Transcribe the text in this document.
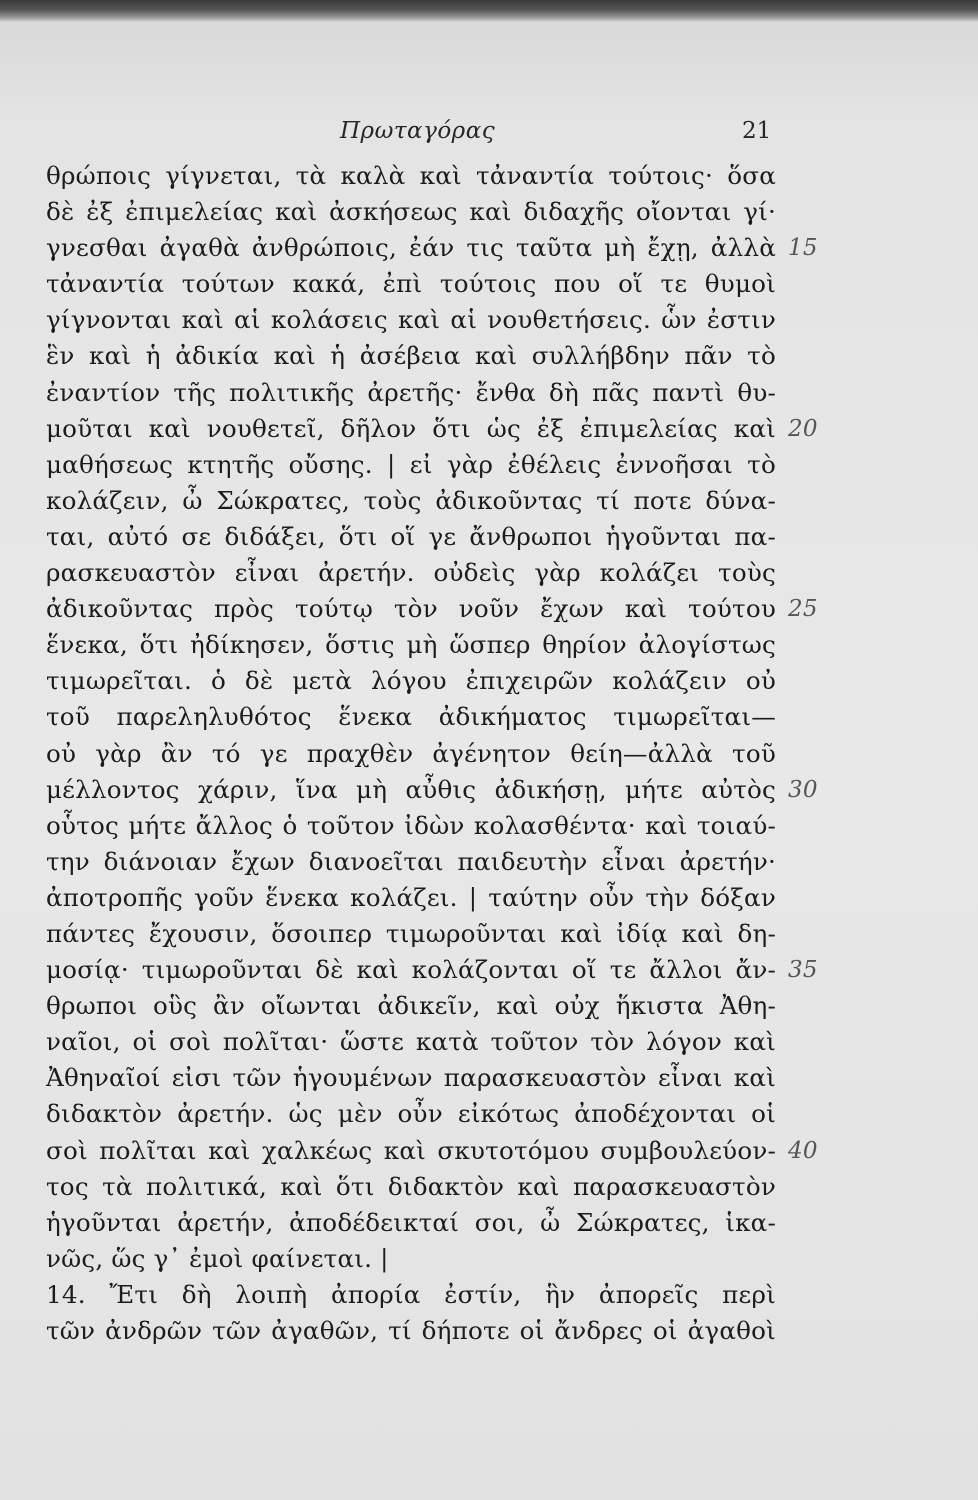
Πρωταγόρας	21
θρώποις γίγνεται, τὰ καλὰ καὶ τἀναντία τούτοις· ὅσα
δὲ ἐξ ἐπιμελείας καὶ ἀσκήσεως καὶ διδαχῆς οἴονται γί·
γνεσθαι ἀγαθὰ ἀνθρώποις, ἐάν τις ταῦτα μὴ ἔχῃ, ἀλλὰ 15
τἀναντία τούτων κακά, ἐπὶ τούτοις που οἵ τε θυμοὶ
γίγνονται καὶ αἱ κολάσεις καὶ αἱ νουθετήσεις. ὧν ἐστιν
ἓν καὶ ἡ ἀδικία καὶ ἡ ἀσέβεια καὶ συλλήβδην πᾶν τὸ
ἐναντίον τῆς πολιτικῆς ἀρετῆς· ἔνθα δὴ πᾶς παντὶ θυ-
μοῦται καὶ νουθετεῖ, δῆλον ὅτι ὡς ἐξ ἐπιμελείας καὶ 20
μαθήσεως κτητῆς οὔσης. | εἰ γὰρ ἐθέλεις ἐννοῆσαι τὸ
κολάζειν, ὦ Σώκρατες, τοὺς ἀδικοῦντας τί ποτε δύνα-
ται, αὐτό σε διδάξει, ὅτι οἵ γε ἄνθρωποι ἡγοῦνται πα-
ρασκευαστὸν εἶναι ἀρετήν. οὐδεὶς γὰρ κολάζει τοὺς
ἀδικοῦντας πρὸς τούτῳ τὸν νοῦν ἔχων καὶ τούτου 25
ἕνεκα, ὅτι ἠδίκησεν, ὅστις μὴ ὥσπερ θηρίον ἀλογίστως
τιμωρεῖται. ὁ δὲ μετὰ λόγου ἐπιχειρῶν κολάζειν οὐ
τοῦ παρεληλυθότος ἕνεκα ἀδικήματος τιμωρεῖται—
οὐ γὰρ ἂν τό γε πραχθὲν ἀγένητον θείη—ἀλλὰ τοῦ
μέλλοντος χάριν, ἵνα μὴ αὖθις ἀδικήσῃ, μήτε αὐτὸς 30
οὗτος μήτε ἄλλος ὁ τοῦτον ἰδὼν κολασθέντα· καὶ τοιαύ-
την διάνοιαν ἔχων διανοεῖται παιδευτὴν εἶναι ἀρετήν·
ἀποτροπῆς γοῦν ἕνεκα κολάζει. | ταύτην οὖν τὴν δόξαν
πάντες ἔχουσιν, ὅσοιπερ τιμωροῦνται καὶ ἰδίᾳ καὶ δη-
μοσίᾳ· τιμωροῦνται δὲ καὶ κολάζονται οἵ τε ἄλλοι ἄν- 35
θρωποι οὓς ἂν οἴωνται ἀδικεῖν, καὶ οὐχ ἥκιστα Ἀθη-
ναῖοι, οἱ σοὶ πολῖται· ὥστε κατὰ τοῦτον τὸν λόγον καὶ
Ἀθηναῖοί εἰσι τῶν ἡγουμένων παρασκευαστὸν εἶναι καὶ
διδακτὸν ἀρετήν. ὡς μὲν οὖν εἰκότως ἀποδέχονται οἱ
σοὶ πολῖται καὶ χαλκέως καὶ σκυτοτόμου συμβουλεύον- 40
τος τὰ πολιτικά, καὶ ὅτι διδακτὸν καὶ παρασκευαστὸν
ἡγοῦνται ἀρετήν, ἀποδέδεικταί σοι, ὦ Σώκρατες, ἱκα-
νῶς, ὥς γ᾽ ἐμοὶ φαίνεται. |
14. Ἔτι δὴ λοιπὴ ἀπορία ἐστίν, ἣν ἀπορεῖς περὶ
τῶν ἀνδρῶν τῶν ἀγαθῶν, τί δήποτε οἱ ἄνδρες οἱ ἀγαθοὶ
